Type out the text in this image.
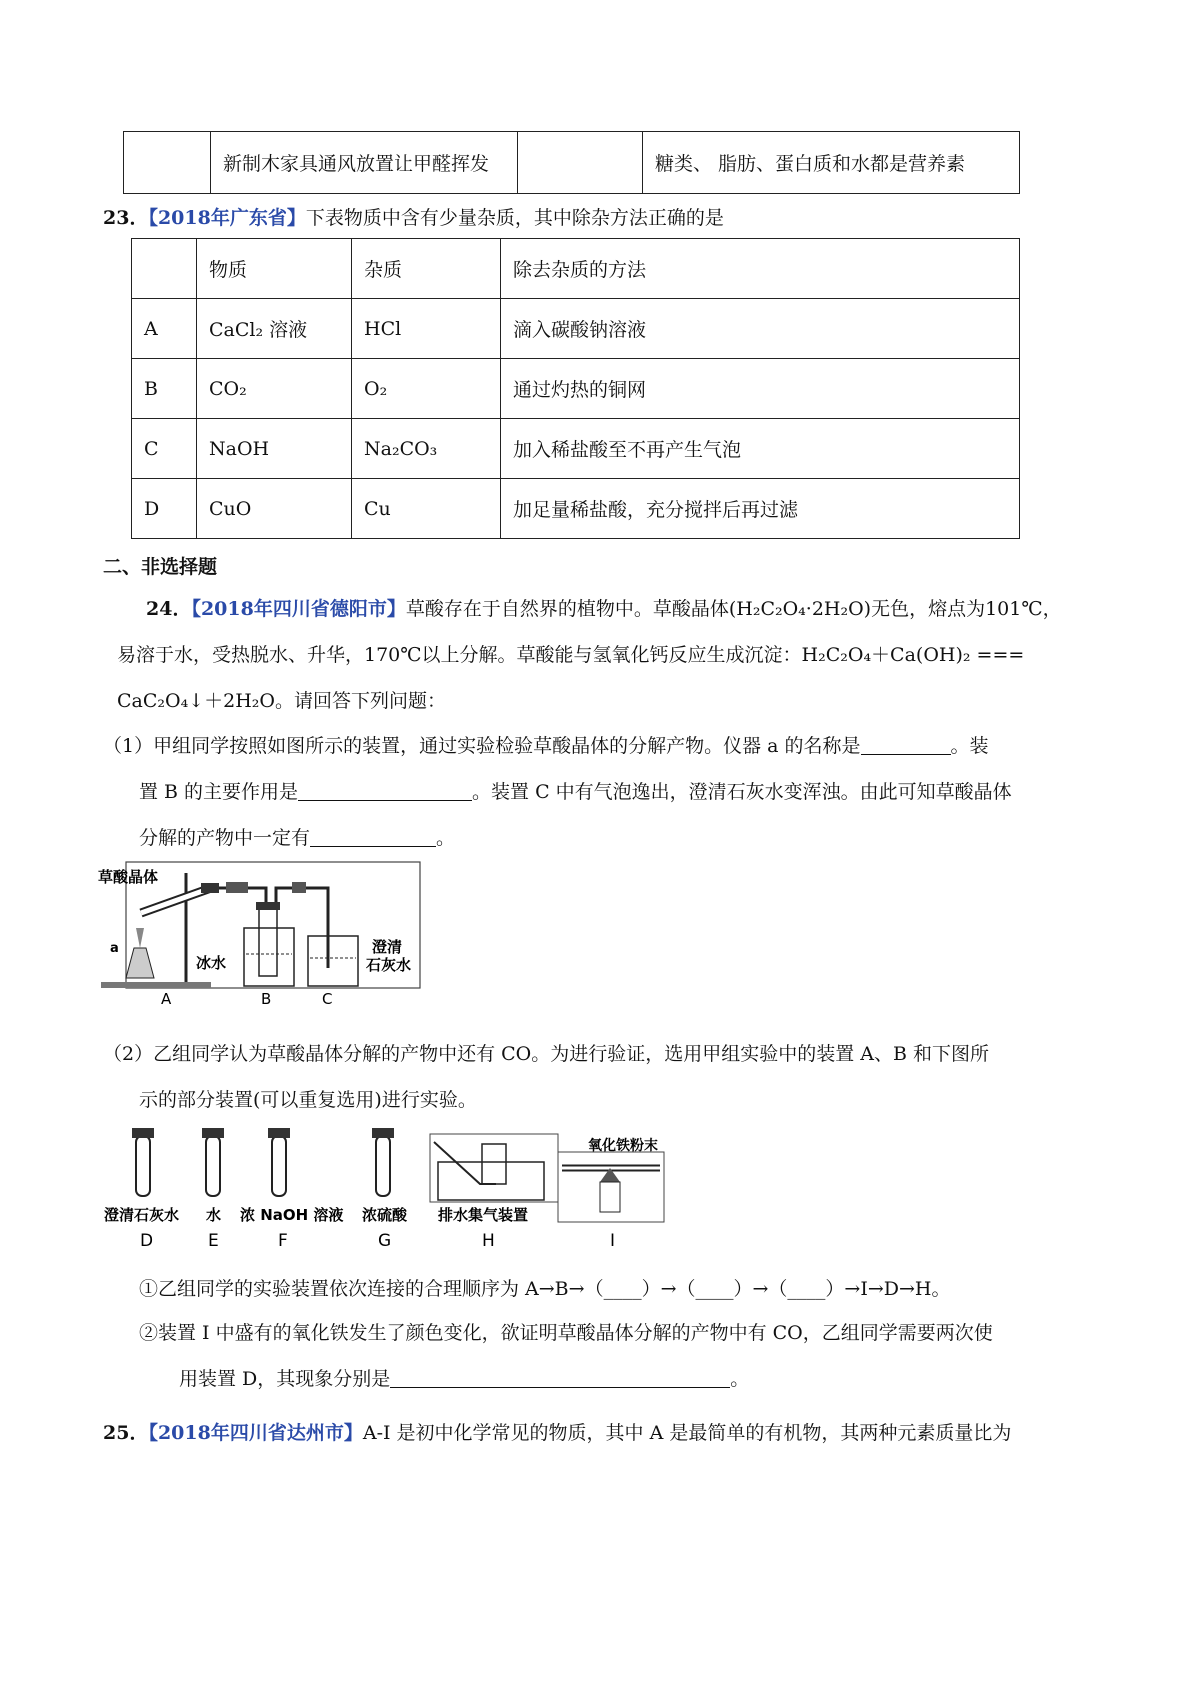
	新制木家具通风放置让甲醛挥发		糖类、 脂肪、蛋白质和水都是营养素
23．【2018年广东省】下表物质中含有少量杂质，其中除杂方法正确的是
	物质	杂质	除去杂质的方法
A	CaCl₂ 溶液	HCl	滴入碳酸钠溶液
B	CO₂	O₂	通过灼热的铜网
C	NaOH	Na₂CO₃	加入稀盐酸至不再产生气泡
D	CuO	Cu	加足量稀盐酸，充分搅拌后再过滤
二、非选择题
24．【2018年四川省德阳市】草酸存在于自然界的植物中。草酸晶体(H₂C₂O₄·2H₂O)无色，熔点为101℃，
易溶于水，受热脱水、升华，170℃以上分解。草酸能与氢氧化钙反应生成沉淀：H₂C₂O₄＋Ca(OH)₂ ===
CaC₂O₄↓＋2H₂O。请回答下列问题：
（1）甲组同学按照如图所示的装置，通过实验检验草酸晶体的分解产物。仪器 a 的名称是	。装
置 B 的主要作用是	。装置 C 中有气泡逸出，澄清石灰水变浑浊。由此可知草酸晶体
分解的产物中一定有	。
草酸晶体
a
冰水
澄清
石灰水
A	B	C
（2）乙组同学认为草酸晶体分解的产物中还有 CO。为进行验证，选用甲组实验中的装置 A、B 和下图所
示的部分装置(可以重复选用)进行实验。
氧化铁粉末
澄清石灰水 水 浓 NaOH 溶液 浓硫酸 排水集气装置
D	E	F	G	H	I
①乙组同学的实验装置依次连接的合理顺序为 A→B→（____）→（____）→（____）→I→D→H。
②装置 I 中盛有的氧化铁发生了颜色变化，欲证明草酸晶体分解的产物中有 CO，乙组同学需要两次使
用装置 D，其现象分别是	。
25．【2018年四川省达州市】A-I 是初中化学常见的物质，其中 A 是最简单的有机物，其两种元素质量比为
